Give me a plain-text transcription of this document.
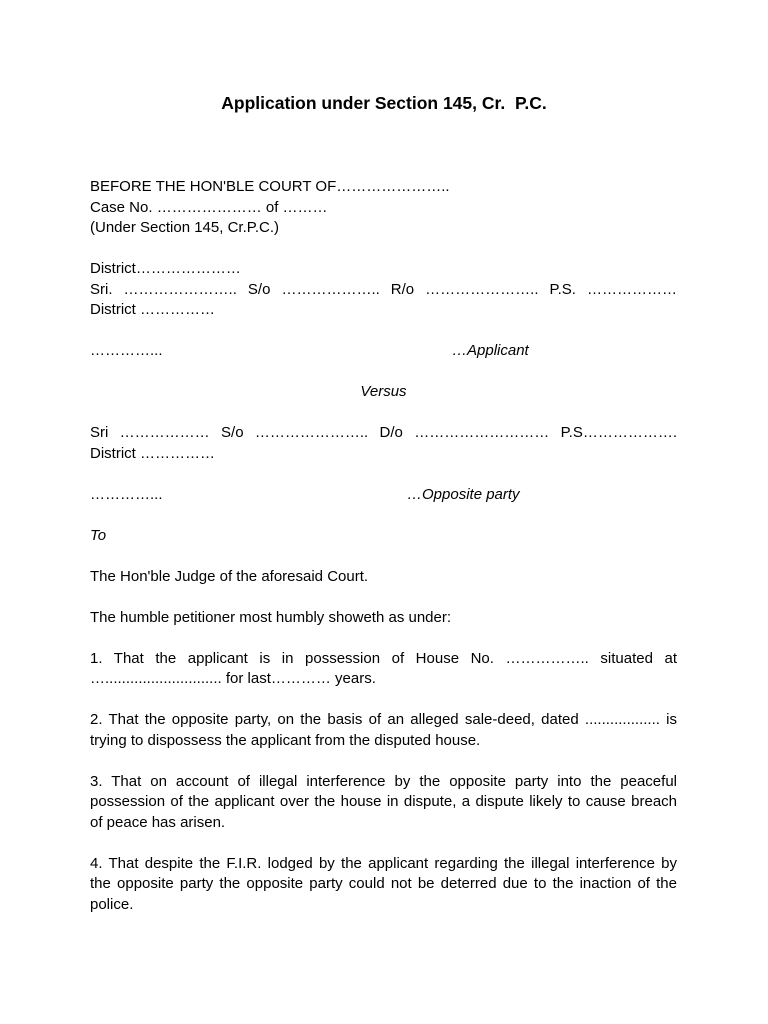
Application under Section 145, Cr.  P.C.
BEFORE THE HON'BLE COURT OF…………………..
Case No. ………………… of ………
(Under Section 145, Cr.P.C.)
District…………………
Sri. ………………….. S/o ……………….. R/o ………………….. P.S. ………………
District ……………
…………...	…Applicant
Versus
Sri ……………… S/o ………………….. D/o ……………………… P.S……………….
District ……………
…………...	…Opposite party
To
The Hon'ble Judge of the aforesaid Court.
The humble petitioner most humbly showeth as under:
1. That the applicant is in possession of House No. …………….. situated at
…............................ for last………… years.
2. That the opposite party, on the basis of an alleged sale-deed, dated .................. is
trying to dispossess the applicant from the disputed house.
3. That on account of illegal interference by the opposite party into the peaceful
possession of the applicant over the house in dispute, a dispute likely to cause breach
of peace has arisen.
4. That despite the F.I.R. lodged by the applicant regarding the illegal interference by
the opposite party the opposite party could not be deterred due to the inaction of the
police.
